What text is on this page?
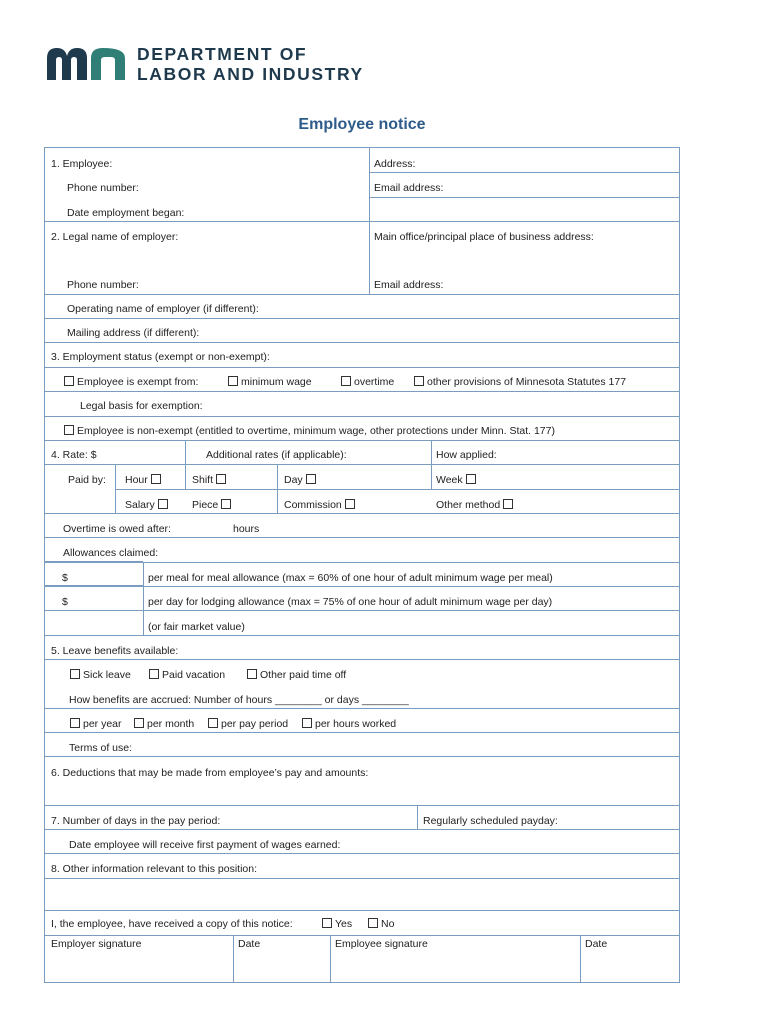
DEPARTMENT OF
LABOR AND INDUSTRY
Employee notice
1. Employee:	Address:
Phone number:	Email address:
Date employment began:
2. Legal name of employer:	Main office/principal place of business address:
Phone number:	Email address:
Operating name of employer (if different):
Mailing address (if different):
3. Employment status (exempt or non-exempt):
Employee is exempt from:	minimum wage	overtime	other provisions of Minnesota Statutes 177
Legal basis for exemption:
Employee is non-exempt (entitled to overtime, minimum wage, other protections under Minn. Stat. 177)
4. Rate: $	Additional rates (if applicable):	How applied:
Paid by: Hour	Shift	Day	Week
Salary	Piece	Commission	Other method
Overtime is owed after:	hours
Allowances claimed:
$	per meal for meal allowance (max = 60% of one hour of adult minimum wage per meal)
$	per day for lodging allowance (max = 75% of one hour of adult minimum wage per day)
(or fair market value)
5. Leave benefits available:
Sick leave	Paid vacation	Other paid time off
How benefits are accrued: Number of hours ________ or days ________
per year	per month	per pay period	per hours worked
Terms of use:
6. Deductions that may be made from employee’s pay and amounts:
7. Number of days in the pay period:	Regularly scheduled payday:
Date employee will receive first payment of wages earned:
8. Other information relevant to this position:
I, the employee, have received a copy of this notice:	Yes	No
Employer signature	Date	Employee signature	Date
